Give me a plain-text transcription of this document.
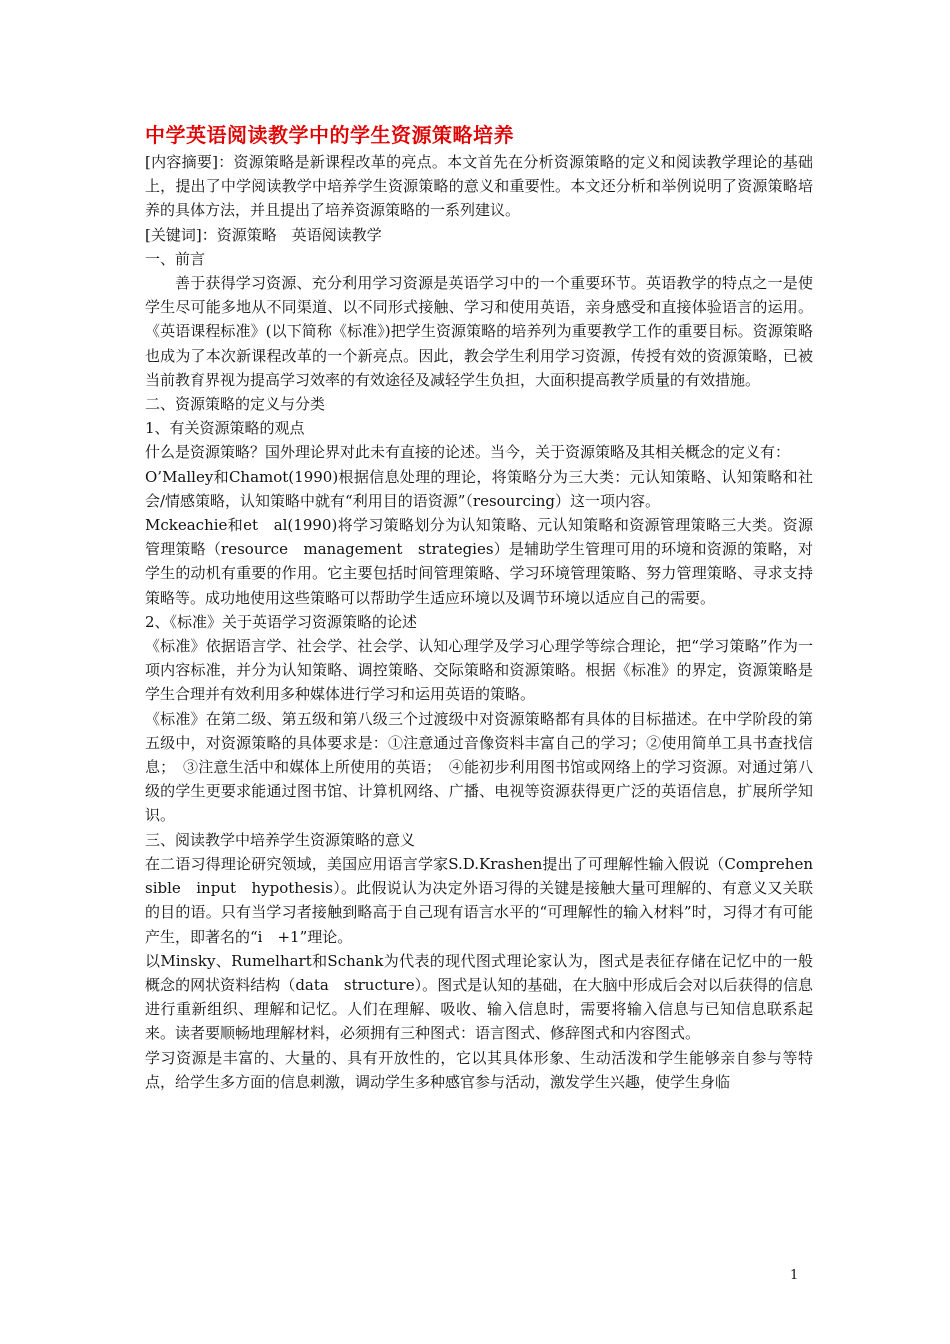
中学英语阅读教学中的学生资源策略培养

[内容摘要]：资源策略是新课程改革的亮点。本文首先在分析资源策略的定义和阅读教学理论的基础上，提出了中学阅读教学中培养学生资源策略的意义和重要性。本文还分析和举例说明了资源策略培养的具体方法，并且提出了培养资源策略的一系列建议。

[关键词]：资源策略　英语阅读教学

一、前言

善于获得学习资源、充分利用学习资源是英语学习中的一个重要环节。英语教学的特点之一是使学生尽可能多地从不同渠道、以不同形式接触、学习和使用英语，亲身感受和直接体验语言的运用。《英语课程标准》(以下简称《标准》)把学生资源策略的培养列为重要教学工作的重要目标。资源策略也成为了本次新课程改革的一个新亮点。因此，教会学生利用学习资源，传授有效的资源策略，已被当前教育界视为提高学习效率的有效途径及减轻学生负担，大面积提高教学质量的有效措施。

二、资源策略的定义与分类

1、有关资源策略的观点

什么是资源策略？国外理论界对此未有直接的论述。当今，关于资源策略及其相关概念的定义有：

O’Malley和Chamot(1990)根据信息处理的理论，将策略分为三大类：元认知策略、认知策略和社会/情感策略，认知策略中就有“利用目的语资源”（resourcing）这一项内容。

Mckeachie和et　al(1990)将学习策略划分为认知策略、元认知策略和资源管理策略三大类。资源管理策略（resource　management　strategies）是辅助学生管理可用的环境和资源的策略，对学生的动机有重要的作用。它主要包括时间管理策略、学习环境管理策略、努力管理策略、寻求支持策略等。成功地使用这些策略可以帮助学生适应环境以及调节环境以适应自己的需要。

2、《标准》关于英语学习资源策略的论述

《标准》依据语言学、社会学、社会学、认知心理学及学习心理学等综合理论，把“学习策略”作为一项内容标准，并分为认知策略、调控策略、交际策略和资源策略。根据《标准》的界定，资源策略是学生合理并有效利用多种媒体进行学习和运用英语的策略。

《标准》在第二级、第五级和第八级三个过渡级中对资源策略都有具体的目标描述。在中学阶段的第五级中，对资源策略的具体要求是：①注意通过音像资料丰富自己的学习；②使用简单工具书查找信息；　③注意生活中和媒体上所使用的英语；　④能初步利用图书馆或网络上的学习资源。对通过第八级的学生更要求能通过图书馆、计算机网络、广播、电视等资源获得更广泛的英语信息，扩展所学知识。

三、阅读教学中培养学生资源策略的意义

在二语习得理论研究领域，美国应用语言学家S.D.Krashen提出了可理解性输入假说（Comprehensible　input　hypothesis）。此假说认为决定外语习得的关键是接触大量可理解的、有意义又关联的目的语。只有当学习者接触到略高于自己现有语言水平的“可理解性的输入材料”时，习得才有可能产生，即著名的“i　+1”理论。

以Minsky、Rumelhart和Schank为代表的现代图式理论家认为，图式是表征存储在记忆中的一般概念的网状资料结构（data　structure）。图式是认知的基础，在大脑中形成后会对以后获得的信息进行重新组织、理解和记忆。人们在理解、吸收、输入信息时，需要将输入信息与已知信息联系起来。读者要顺畅地理解材料，必须拥有三种图式：语言图式、修辞图式和内容图式。

学习资源是丰富的、大量的、具有开放性的，它以其具体形象、生动活泼和学生能够亲自参与等特点，给学生多方面的信息刺激，调动学生多种感官参与活动，激发学生兴趣，使学生身临

1
